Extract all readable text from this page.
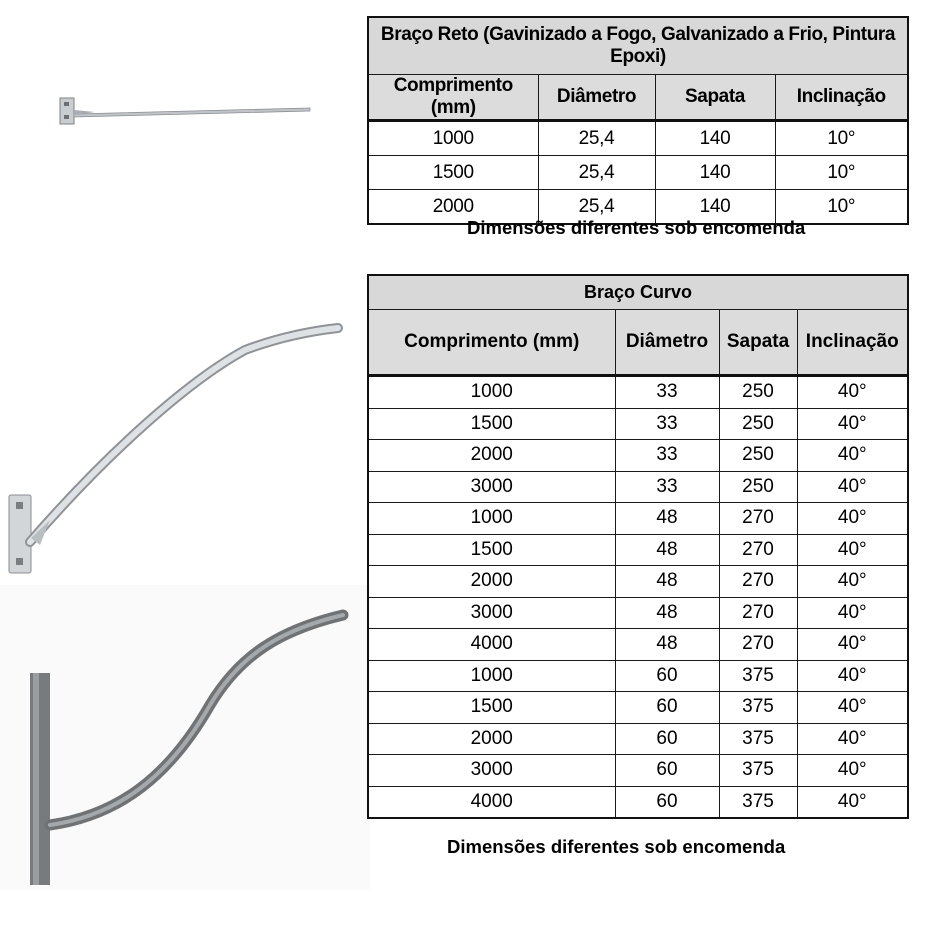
Braço Reto (Gavinizado a Fogo, Galvanizado a Frio, Pintura Epoxi)			
Comprimento (mm)	Diâmetro	Sapata	Inclinação
1000	25,4	140	10°
1500	25,4	140	10°
2000	25,4	140	10°
Dimensões diferentes sob encomenda
Braço Curvo			
Comprimento (mm)	Diâmetro	Sapata	Inclinação
1000	33	250	40°
1500	33	250	40°
2000	33	250	40°
3000	33	250	40°
1000	48	270	40°
1500	48	270	40°
2000	48	270	40°
3000	48	270	40°
4000	48	270	40°
1000	60	375	40°
1500	60	375	40°
2000	60	375	40°
3000	60	375	40°
4000	60	375	40°
Dimensões diferentes sob encomenda
